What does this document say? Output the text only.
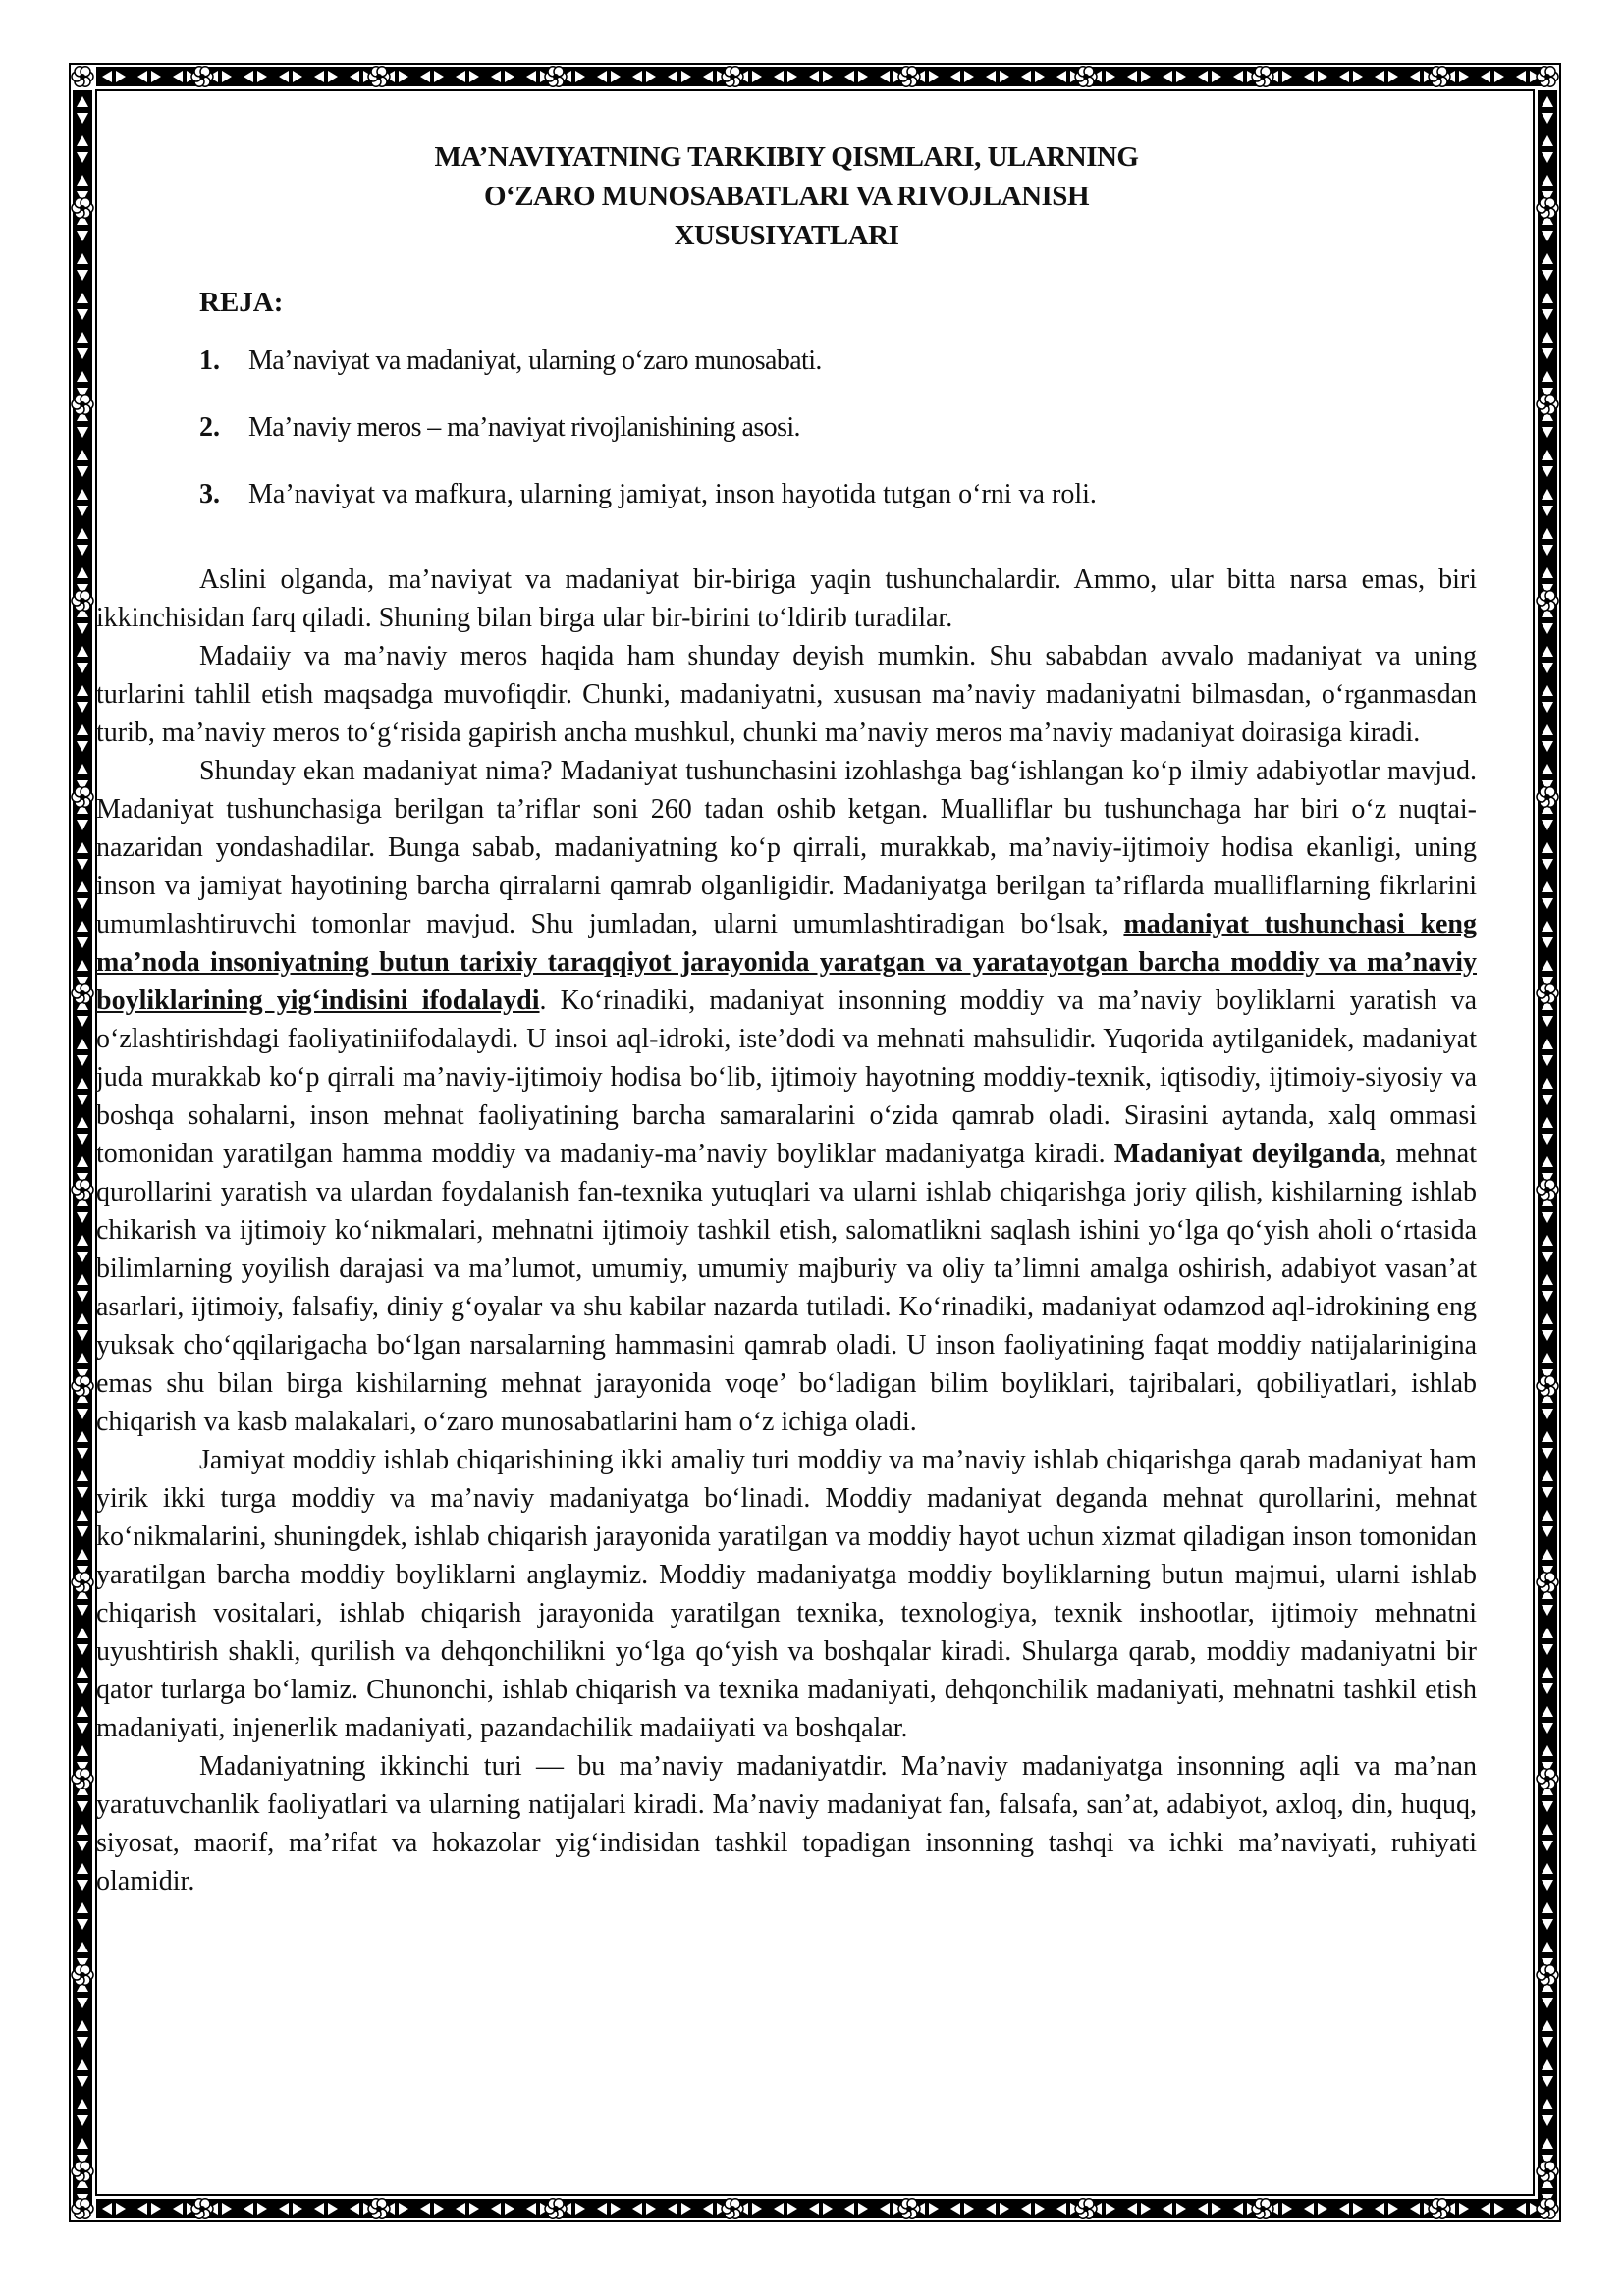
MA’NAVIYATNING TARKIBIY QISMLARI, ULARNING
O‘ZARO MUNOSABATLARI VA RIVOJLANISH
XUSUSIYATLARI
REJA:
1.	Ma’naviyat va madaniyat, ularning o‘zaro munosabati.
2.	Ma’naviy meros – ma’naviyat rivojlanishining asosi.
3.	Ma’naviyat va mafkura, ularning jamiyat, inson hayotida tutgan o‘rni va roli.

Aslini olganda, ma’naviyat va madaniyat bir-biriga yaqin tushunchalardir. Ammo, ular bitta narsa emas, biri ikkinchisidan farq qiladi. Shuning bilan birga ular bir-birini to‘ldirib turadilar.

Madaiiy va ma’naviy meros haqida ham shunday deyish mumkin. Shu sababdan avvalo madaniyat va uning turlarini tahlil etish maqsadga muvofiqdir. Chunki, madaniyatni, xususan ma’naviy madaniyatni bilmasdan, o‘rganmasdan turib, ma’naviy meros to‘g‘risida gapirish ancha mushkul, chunki ma’naviy meros ma’naviy madaniyat doirasiga kiradi.

Shunday ekan madaniyat nima? Madaniyat tushunchasini izohlashga bag‘ishlangan ko‘p ilmiy adabiyotlar mavjud. Madaniyat tushunchasiga berilgan ta’riflar soni 260 tadan oshib ketgan. Mualliflar bu tushunchaga har biri o‘z nuqtai-nazaridan yondashadilar. Bunga sabab, madaniyatning ko‘p qirrali, murakkab, ma’naviy-ijtimoiy hodisa ekanligi, uning inson va jamiyat hayotining barcha qirralarni qamrab olganligidir. Madaniyatga berilgan ta’riflarda mualliflarning fikrlarini umumlashtiruvchi tomonlar mavjud. Shu jumladan, ularni umumlashtiradigan bo‘lsak, madaniyat tushunchasi keng ma’noda insoniyatning butun tarixiy taraqqiyot jarayonida yaratgan va yaratayotgan barcha moddiy va ma’naviy boyliklarining yig‘indisini ifodalaydi. Ko‘rinadiki, madaniyat insonning moddiy va ma’naviy boyliklarni yaratish va o‘zlashtirishdagi faoliyatiniifodalaydi. U insoi aql-idroki, iste’dodi va mehnati mahsulidir. Yuqorida aytilganidek, madaniyat juda murakkab ko‘p qirrali ma’naviy-ijtimoiy hodisa bo‘lib, ijtimoiy hayotning moddiy-texnik, iqtisodiy, ijtimoiy-siyosiy va boshqa sohalarni, inson mehnat faoliyatining barcha samaralarini o‘zida qamrab oladi. Sirasini aytanda, xalq ommasi tomonidan yaratilgan hamma moddiy va madaniy-ma’naviy boyliklar madaniyatga kiradi. Madaniyat deyilganda, mehnat qurollarini yaratish va ulardan foydalanish fan-texnika yutuqlari va ularni ishlab chiqarishga joriy qilish, kishilarning ishlab chikarish va ijtimoiy ko‘nikmalari, mehnatni ijtimoiy tashkil etish, salomatlikni saqlash ishini yo‘lga qo‘yish aholi o‘rtasida bilimlarning yoyilish darajasi va ma’lumot, umumiy, umumiy majburiy va oliy ta’limni amalga oshirish, adabiyot vasan’at asarlari, ijtimoiy, falsafiy, diniy g‘oyalar va shu kabilar nazarda tutiladi. Ko‘rinadiki, madaniyat odamzod aql-idrokining eng yuksak cho‘qqilarigacha bo‘lgan narsalarning hammasini qamrab oladi. U inson faoliyatining faqat moddiy natijalarinigina emas shu bilan birga kishilarning mehnat jarayonida voqe’ bo‘ladigan bilim boyliklari, tajribalari, qobiliyatlari, ishlab chiqarish va kasb malakalari, o‘zaro munosabatlarini ham o‘z ichiga oladi.

Jamiyat moddiy ishlab chiqarishining ikki amaliy turi moddiy va ma’naviy ishlab chiqarishga qarab madaniyat ham yirik ikki turga moddiy va ma’naviy madaniyatga bo‘linadi. Moddiy madaniyat deganda mehnat qurollarini, mehnat ko‘nikmalarini, shuningdek, ishlab chiqarish jarayonida yaratilgan va moddiy hayot uchun xizmat qiladigan inson tomonidan yaratilgan barcha moddiy boyliklarni anglaymiz. Moddiy madaniyatga moddiy boyliklarning butun majmui, ularni ishlab chiqarish vositalari, ishlab chiqarish jarayonida yaratilgan texnika, texnologiya, texnik inshootlar, ijtimoiy mehnatni uyushtirish shakli, qurilish va dehqonchilikni yo‘lga qo‘yish va boshqalar kiradi. Shularga qarab, moddiy madaniyatni bir qator turlarga bo‘lamiz. Chunonchi, ishlab chiqarish va texnika madaniyati, dehqonchilik madaniyati, mehnatni tashkil etish madaniyati, injenerlik madaniyati, pazandachilik madaiiyati va boshqalar.

Madaniyatning ikkinchi turi — bu ma’naviy madaniyatdir. Ma’naviy madaniyatga insonning aqli va ma’nan yaratuvchanlik faoliyatlari va ularning natijalari kiradi. Ma’naviy madaniyat fan, falsafa, san’at, adabiyot, axloq, din, huquq, siyosat, maorif, ma’rifat va hokazolar yig‘indisidan tashkil topadigan insonning tashqi va ichki ma’naviyati, ruhiyati olamidir.
